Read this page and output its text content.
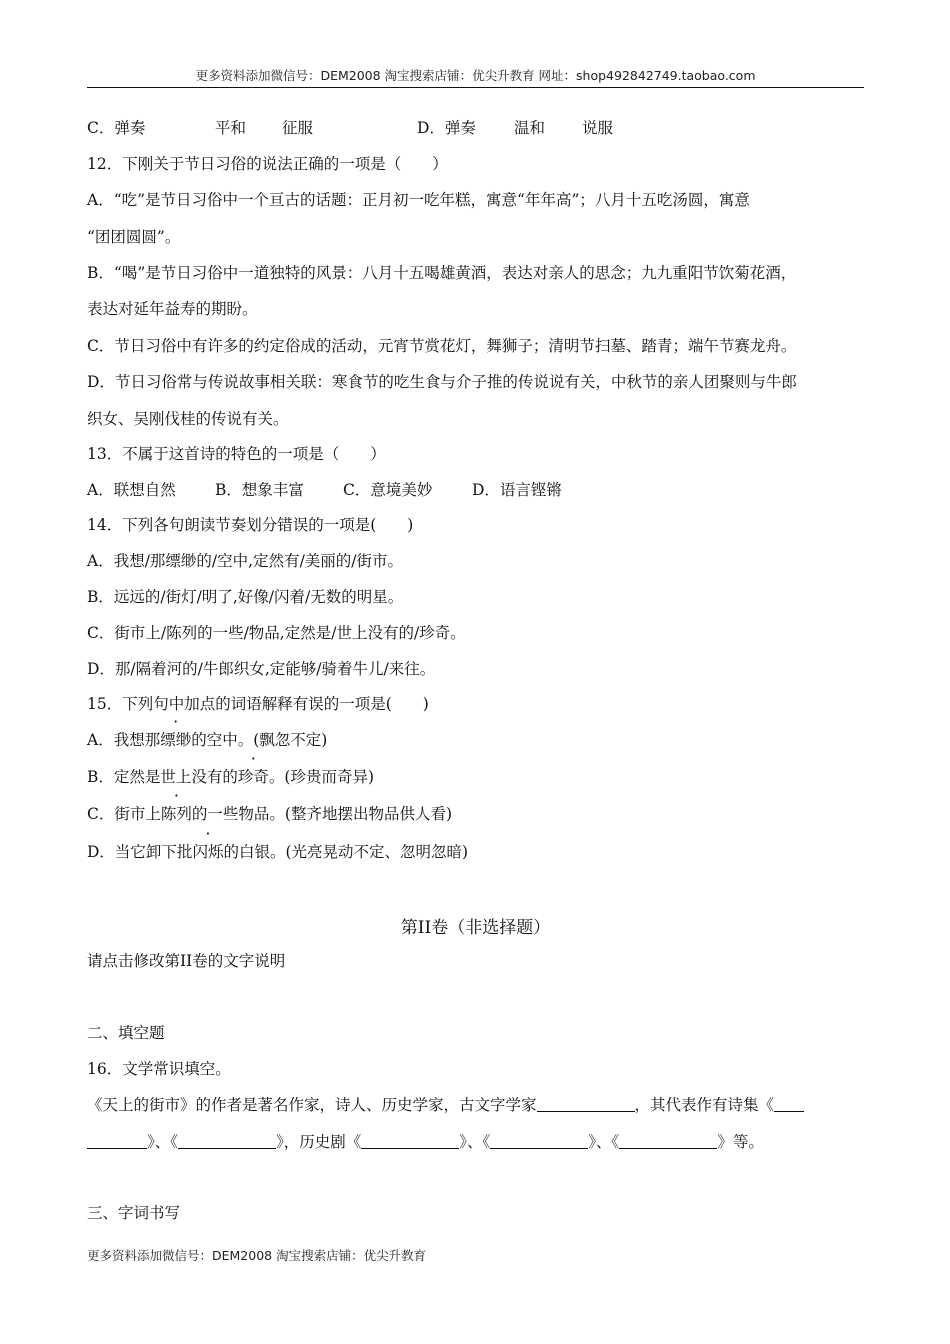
更多资料添加微信号：DEM2008 淘宝搜索店铺：优尖升教育 网址：shop492842749.taobao.com
C．弹奏	平和 征服	D．弹奏 温和 说服
12．下刚关于节日习俗的说法正确的一项是（　　）
A．“吃”是节日习俗中一个亘古的话题：正月初一吃年糕，寓意“年年高”；八月十五吃汤圆，寓意
“团团圆圆”。
B．“喝”是节日习俗中一道独特的风景：八月十五喝雄黄酒，表达对亲人的思念；九九重阳节饮菊花酒，
表达对延年益寿的期盼。
C．节日习俗中有许多的约定俗成的活动，元宵节赏花灯，舞狮子；清明节扫墓、踏青；端午节赛龙舟。
D．节日习俗常与传说故事相关联：寒食节的吃生食与介子推的传说说有关，中秋节的亲人团聚则与牛郎
织女、吴刚伐桂的传说有关。
13．不属于这首诗的特色的一项是（　　）
A．联想自然	B．想象丰富	C．意境美妙	D．语言铿锵
14．下列各句朗读节奏划分错误的一项是(　　)
A．我想/那缥缈的/空中,定然有/美丽的/街市。
B．远远的/街灯/明了,好像/闪着/无数的明星。
C．街市上/陈列的一些/物品,定然是/世上没有的/珍奇。
D．那/隔着河的/牛郎织女,定能够/骑着牛儿/来往。
15．下列句中加点的词语解释有误的一项是(　　)
A．我想那缥缈的空中。(飘忽不定)
B．定然是世上没有的珍奇。(珍贵而奇异)
C．街市上陈列的一些物品。(整齐地摆出物品供人看)
D．当它卸下批闪烁的白银。(光亮晃动不定、忽明忽暗)
第II卷（非选择题）
请点击修改第II卷的文字说明
二、填空题
16．文学常识填空。
《天上的街市》的作者是著名作家，诗人、历史学家，古文字学家	，其代表作有诗集《
》、《	》，历史剧《	》、《	》、《	》等。
三、字词书写
更多资料添加微信号：DEM2008 淘宝搜索店铺：优尖升教育
